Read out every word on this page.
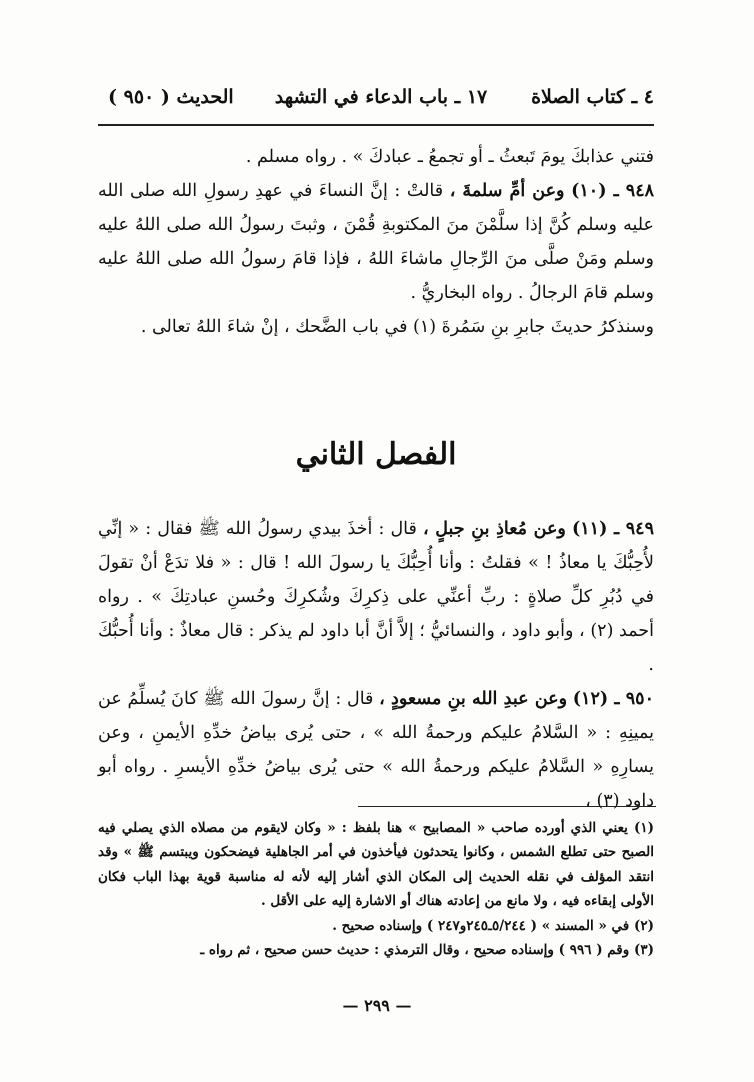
٤ ـ كتاب الصلاة
١٧ ـ باب الدعاء في التشهد
الحديث ( ٩٥٠ )

فتني عذابكَ يومَ تَبعثُ ـ أو تجمعُ ـ عبادكَ » . رواه مسلم .

٩٤٨ ـ (١٠) وعن أمِّ سلمةَ ، قالتْ : إنَّ النساءَ في عهدِ رسولِ الله صلى الله عليه وسلم كُنَّ إذا سلَّمْنَ منَ المكتوبةِ قُمْنَ ، وثبتَ رسولُ الله صلى اللهُ عليه وسلم ومَنْ صلَّى منَ الرِّجالِ ماشاءَ اللهُ ، فإذا قامَ رسولُ الله صلى اللهُ عليه وسلم قامَ الرجالُ . رواه البخاريُّ .

وسنذكرُ حديثَ جابرِ بنِ سَمُرةَ (١) في باب الضَّحك ، إنْ شاءَ اللهُ تعالى .

الفصل الثاني

٩٤٩ ـ (١١) وعن مُعاذِ بنِ جبلٍ ، قال : أخذَ بيدي رسولُ الله ﷺ فقال : « إنِّي لأُحِبُّكَ يا معاذُ ! » فقلتُ : وأنا أُحِبُّكَ يا رسولَ الله ! قال : « فلا تدَعْ أنْ تقولَ في دُبُرِ كلِّ صلاةٍ : ربِّ أعنِّي على ذِكرِكَ وشُكرِكَ وحُسنِ عبادتِكَ » . رواه أحمد (٢) ، وأبو داود ، والنسائيُّ ؛ إلاَّ أنَّ أبا داود لم يذكر : قال معاذٌ : وأنا أُحبُّكَ .

٩٥٠ ـ (١٢) وعن عبدِ الله بنِ مسعودٍ ، قال : إنَّ رسولَ الله ﷺ كانَ يُسلِّمُ عن يمينِهِ : « السَّلامُ عليكم ورحمةُ الله » ، حتى يُرى بياضُ خدِّهِ الأيمنِ ، وعن يسارِهِ « السَّلامُ عليكم ورحمةُ الله » حتى يُرى بياضُ خدِّهِ الأيسرِ . رواه أبو داود (٣) ،

(١) يعني الذي أورده صاحب « المصابيح » هنا بلفظ : « وكان لايقوم من مصلاه الذي يصلي فيه الصبح حتى تطلع الشمس ، وكانوا يتحدثون فيأخذون في أمر الجاهلية فيضحكون ويبتسم ﷺ » وقد انتقد المؤلف في نقله الحديث إلى المكان الذي أشار إليه لأنه له مناسبة قوية بهذا الباب فكان الأولى إبقاءه فيه ، ولا مانع من إعادته هناك أو الاشارة إليه على الأقل .

(٢) في « المسند » ( ٥/٢٤٤ـ٢٤٥و٢٤٧ ) وإسناده صحيح .

(٣) وقم ( ٩٩٦ ) وإسناده صحيح ، وقال الترمذي : حديث حسن صحيح ، ثم رواه ـ

— ٢٩٩ —
